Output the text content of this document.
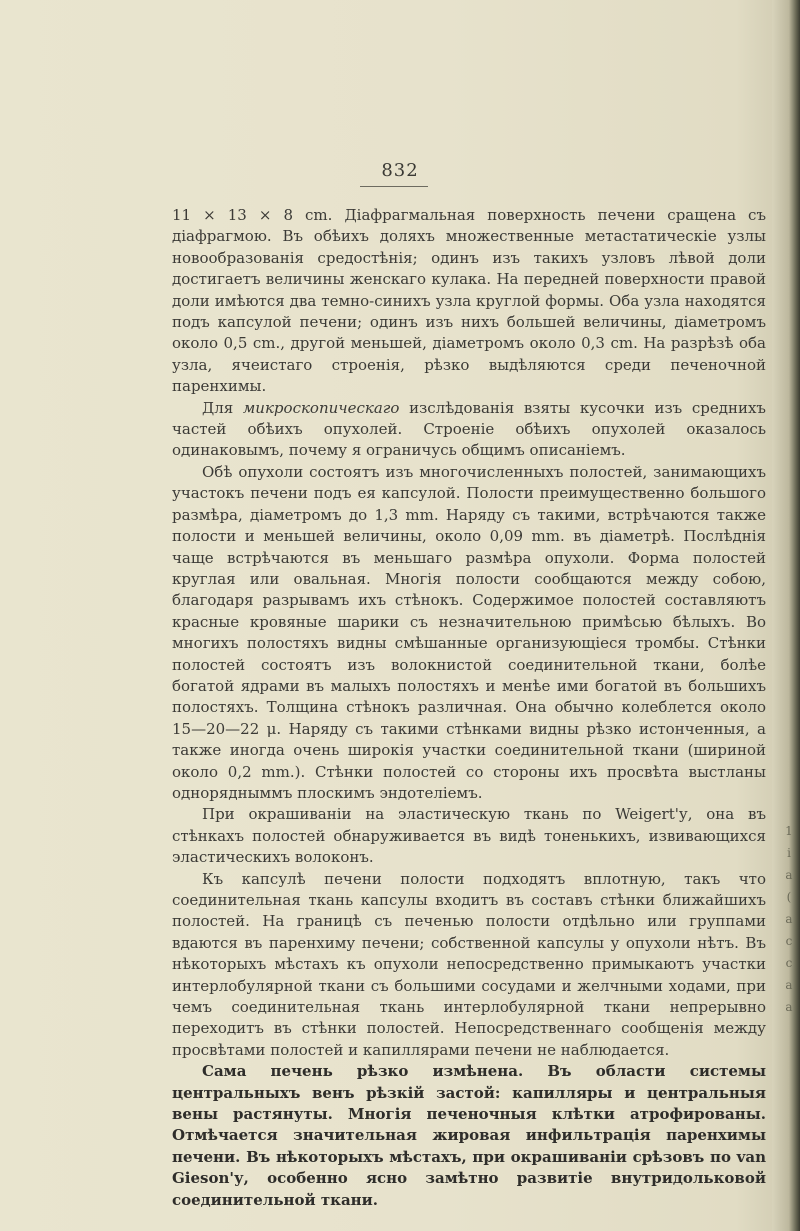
1
i
a
(
a
c
c
a
a
832

11 × 13 × 8 cm. Діафрагмальная поверхность печени сращена съ діафрагмою. Въ обѣихъ доляхъ множественные метастатическіе узлы новообразованія средостѣнія; одинъ изъ такихъ узловъ лѣвой доли достигаетъ величины женскаго кулака. На передней поверхности правой доли имѣются два темно-синихъ узла круглой формы. Оба узла находятся подъ капсулой печени; одинъ изъ нихъ большей величины, діаметромъ около 0,5 cm., другой меньшей, діаметромъ около 0,3 cm. На разрѣзѣ оба узла, ячеистаго строенія, рѣзко выдѣляются среди печеночной паренхимы.

Для микроскопическаго изслѣдованія взяты кусочки изъ среднихъ частей обѣихъ опухолей. Строеніе обѣихъ опухолей оказалось одинаковымъ, почему я ограничусь общимъ описаніемъ.

Обѣ опухоли состоятъ изъ многочисленныхъ полостей, занимающихъ участокъ печени подъ ея капсулой. Полости преимущественно большого размѣра, діаметромъ до 1,3 mm. Наряду съ такими, встрѣчаются также полости и меньшей величины, около 0,09 mm. въ діаметрѣ. Послѣднія чаще встрѣчаются въ меньшаго размѣра опухоли. Форма полостей круглая или овальная. Многія полости сообщаются между собою, благодаря разрывамъ ихъ стѣнокъ. Содержимое полостей составляютъ красные кровяные шарики съ незначительною примѣсью бѣлыхъ. Во многихъ полостяхъ видны смѣшанные организующіеся тромбы. Стѣнки полостей состоятъ изъ волокнистой соединительной ткани, болѣе богатой ядрами въ малыхъ полостяхъ и менѣе ими богатой въ большихъ полостяхъ. Толщина стѣнокъ различная. Она обычно колеблется около 15—20—22 μ. Наряду съ такими стѣнками видны рѣзко истонченныя, а также иногда очень широкія участки соединительной ткани (шириной около 0,2 mm.). Стѣнки полостей со стороны ихъ просвѣта выстланы однорядныммъ плоскимъ эндотеліемъ.

При окрашиваніи на эластическую ткань по Weigert'у, она въ стѣнкахъ полостей обнаруживается въ видѣ тоненькихъ, извивающихся эластическихъ волоконъ.

Къ капсулѣ печени полости подходятъ вплотную, такъ что соединительная ткань капсулы входитъ въ составъ стѣнки ближайшихъ полостей. На границѣ съ печенью полости отдѣльно или группами вдаются въ паренхиму печени; собственной капсулы у опухоли нѣтъ. Въ нѣкоторыхъ мѣстахъ къ опухоли непосредственно примыкаютъ участки интерлобулярной ткани съ большими сосудами и желчными ходами, при чемъ соединительная ткань интерлобулярной ткани непрерывно переходитъ въ стѣнки полостей. Непосредственнаго сообщенія между просвѣтами полостей и капиллярами печени не наблюдается.

Сама печень рѣзко измѣнена. Въ области системы центральныхъ венъ рѣзкій застой: капилляры и центральныя вены растянуты. Многія печеночныя клѣтки атрофированы. Отмѣчается значительная жировая инфильтрація паренхимы печени. Въ нѣкоторыхъ мѣстахъ, при окрашиваніи срѣзовъ по van Gieson'у, особенно ясно замѣтно развитіе внутридольковой соединительной ткани.
